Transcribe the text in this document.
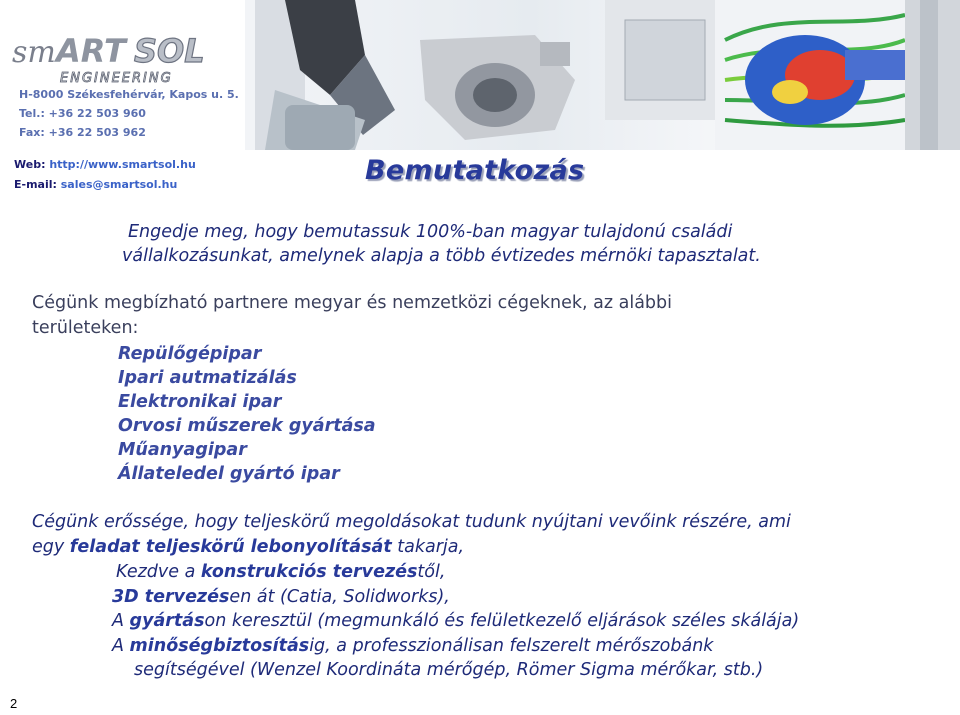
sm ART SOL
ENGINEERING
H-8000 Székesfehérvár, Kapos u. 5.
Tel.: +36 22 503 960
Fax: +36 22 503 962
Web: http://www.smartsol.hu
E-mail: sales@smartsol.hu	Bemutatkozás
Engedje meg, hogy bemutassuk 100%-ban magyar tulajdonú családi
vállalkozásunkat, amelynek alapja a több évtizedes mérnöki tapasztalat.
Cégünk megbízható partnere megyar és nemzetközi cégeknek, az alábbi
területeken:
Repülőgépipar
Ipari autmatizálás
Elektronikai ipar
Orvosi műszerek gyártása
Műanyagipar
Állateledel gyártó ipar
Cégünk erőssége, hogy teljeskörű megoldásokat tudunk nyújtani vevőink részére, ami
egy feladat teljeskörű lebonyolítását takarja,
Kezdve a konstrukciós tervezéstől,
3D tervezésen át (Catia, Solidworks),
A gyártáson keresztül (megmunkáló és felületkezelő eljárások széles skálája)
A minőségbiztosításig, a professzionálisan felszerelt mérőszobánk
segítségével (Wenzel Koordináta mérőgép, Römer Sigma mérőkar, stb.)
2
